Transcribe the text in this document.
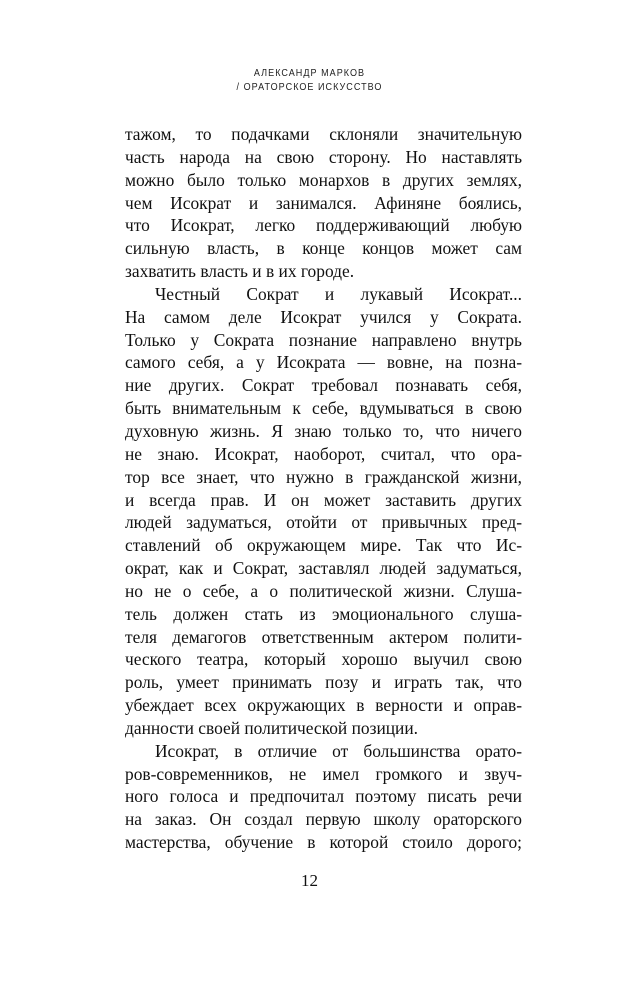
АЛЕКСАНДР МАРКОВ
/ ОРАТОРСКОЕ ИСКУССТВО

тажом, то подачками склоняли значительную
часть народа на свою сторону. Но наставлять
можно было только монархов в других землях,
чем Исократ и занимался. Афиняне боялись,
что Исократ, легко поддерживающий любую
сильную власть, в конце концов может сам
захватить власть и в их городе.

Честный Сократ и лукавый Исократ...
На самом деле Исократ учился у Сократа.
Только у Сократа познание направлено внутрь
самого себя, а у Исократа — вовне, на позна-
ние других. Сократ требовал познавать себя,
быть внимательным к себе, вдумываться в свою
духовную жизнь. Я знаю только то, что ничего
не знаю. Исократ, наоборот, считал, что ора-
тор все знает, что нужно в гражданской жизни,
и всегда прав. И он может заставить других
людей задуматься, отойти от привычных пред-
ставлений об окружающем мире. Так что Ис-
ократ, как и Сократ, заставлял людей задуматься,
но не о себе, а о политической жизни. Слуша-
тель должен стать из эмоционального слуша-
теля демагогов ответственным актером полити-
ческого театра, который хорошо выучил свою
роль, умеет принимать позу и играть так, что
убеждает всех окружающих в верности и оправ-
данности своей политической позиции.

Исократ, в отличие от большинства орато-
ров-современников, не имел громкого и звуч-
ного голоса и предпочитал поэтому писать речи
на заказ. Он создал первую школу ораторского
мастерства, обучение в которой стоило дорого;

12
